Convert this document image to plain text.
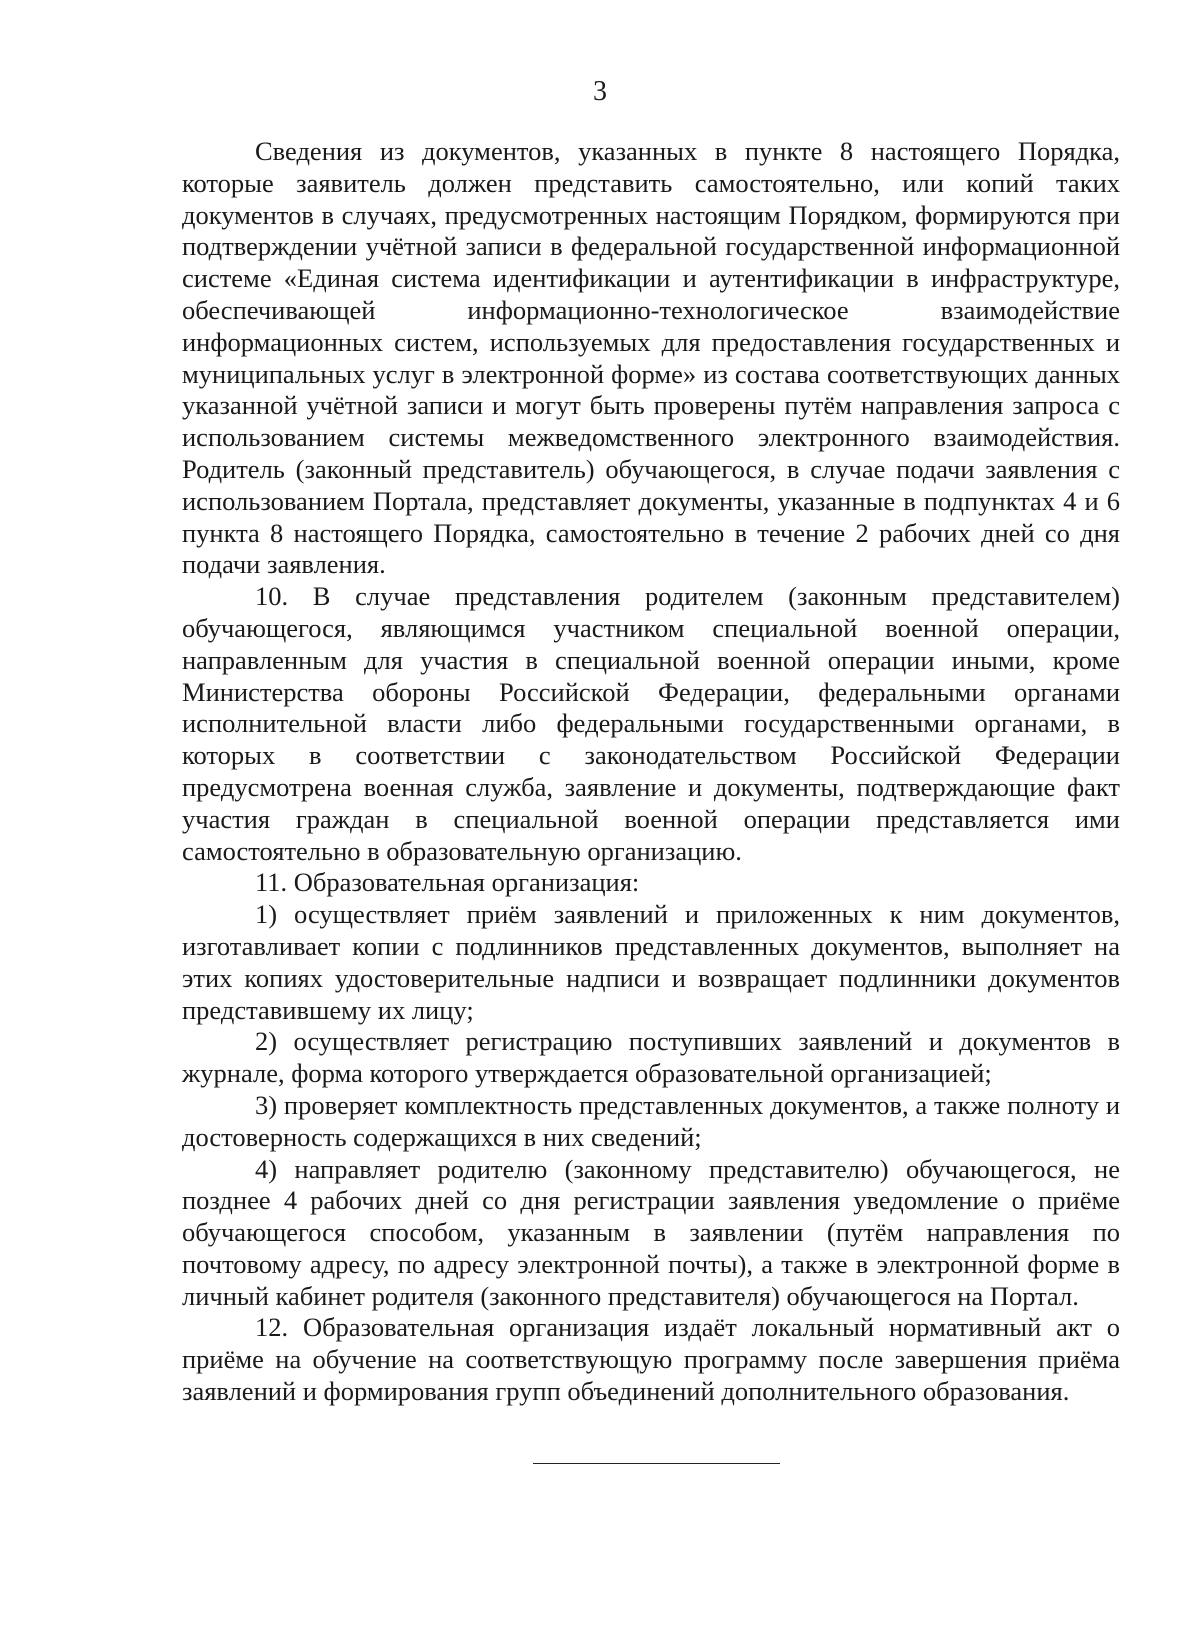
3

Сведения из документов, указанных в пункте 8 настоящего Порядка, которые заявитель должен представить самостоятельно, или копий таких документов в случаях, предусмотренных настоящим Порядком, формируются при подтверждении учётной записи в федеральной государственной информационной системе «Единая система идентификации и аутентификации в инфраструктуре, обеспечивающей информационно-технологическое взаимодействие информационных систем, используемых для предоставления государственных и муниципальных услуг в электронной форме» из состава соответствующих данных указанной учётной записи и могут быть проверены путём направления запроса с использованием системы межведомственного электронного взаимодействия. Родитель (законный представитель) обучающегося, в случае подачи заявления с использованием Портала, представляет документы, указанные в подпунктах 4 и 6 пункта 8 настоящего Порядка, самостоятельно в течение 2 рабочих дней со дня подачи заявления.

10. В случае представления родителем (законным представителем) обучающегося, являющимся участником специальной военной операции, направленным для участия в специальной военной операции иными, кроме Министерства обороны Российской Федерации, федеральными органами исполнительной власти либо федеральными государственными органами, в которых в соответствии с законодательством Российской Федерации предусмотрена военная служба, заявление и документы, подтверждающие факт участия граждан в специальной военной операции представляется ими самостоятельно в образовательную организацию.

11. Образовательная организация:

1) осуществляет приём заявлений и приложенных к ним документов, изготавливает копии с подлинников представленных документов, выполняет на этих копиях удостоверительные надписи и возвращает подлинники документов представившему их лицу;

2) осуществляет регистрацию поступивших заявлений и документов в журнале, форма которого утверждается образовательной организацией;

3) проверяет комплектность представленных документов, а также полноту и достоверность содержащихся в них сведений;

4) направляет родителю (законному представителю) обучающегося, не позднее 4 рабочих дней со дня регистрации заявления уведомление о приёме обучающегося способом, указанным в заявлении (путём направления по почтовому адресу, по адресу электронной почты), а также в электронной форме в личный кабинет родителя (законного представителя) обучающегося на Портал.

12. Образовательная организация издаёт локальный нормативный акт о приёме на обучение на соответствующую программу после завершения приёма заявлений и формирования групп объединений дополнительного образования.
